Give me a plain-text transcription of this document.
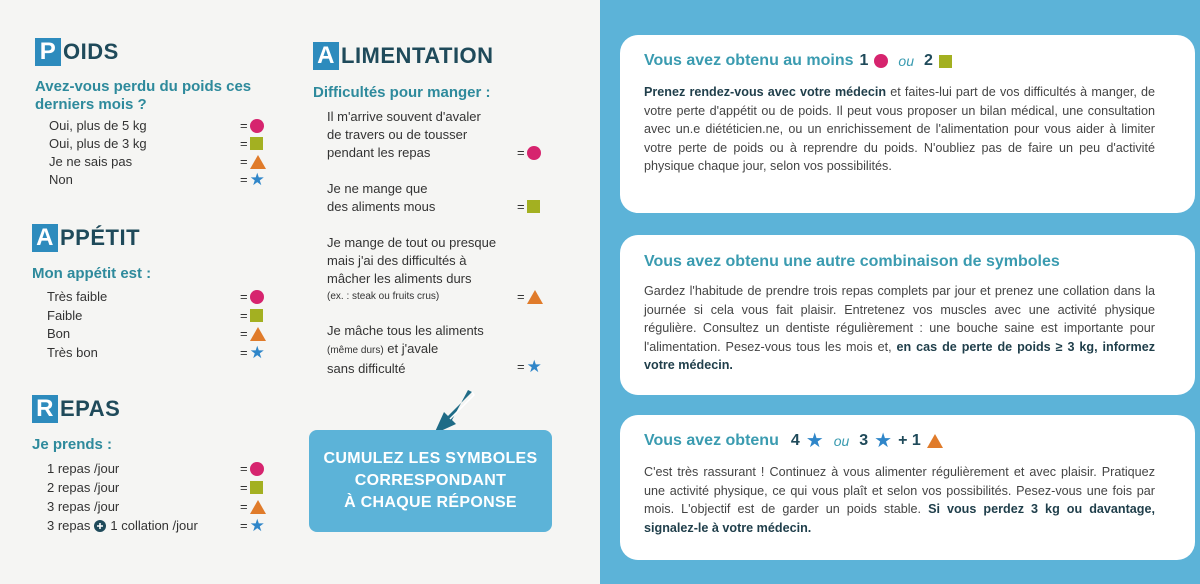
P OIDS
Avez-vous perdu du poids ces derniers mois ?
Oui, plus de 5 kg	=
Oui, plus de 3 kg	=
Je ne sais pas	=
Non	= ★
A PPÉTIT
Mon appétit est :
Très faible	=
Faible	=
Bon	=
Très bon	= ★
R EPAS
Je prends :
1 repas /jour	=
2 repas /jour	=
3 repas /jour	=
3 repas 1 collation /jour	= ★
A LIMENTATION
Difficultés pour manger :
Il m'arrive souvent d'avaler
de travers ou de tousser
pendant les repas	=
Je ne mange que
des aliments mous	=
Je mange de tout ou presque
mais j'ai des difficultés à
mâcher les aliments durs
(ex. : steak ou fruits crus)	=
Je mâche tous les aliments
(même durs) et j'avale
sans difficulté	= ★
CUMULEZ LES SYMBOLES
CORRESPONDANT
À CHAQUE RÉPONSE
Vous avez obtenu au moins 1 ou 2
Prenez rendez-vous avec votre médecin et faites-lui part de vos difficultés à manger, de votre perte d'appétit ou de poids. Il peut vous proposer un bilan médical, une consultation avec un.e diététicien.ne, ou un enrichissement de l'alimentation pour vous aider à limiter votre perte de poids ou à reprendre du poids. N'oubliez pas de faire un peu d'activité physique chaque jour, selon vos possibilités.
Vous avez obtenu une autre combinaison de symboles
Gardez l'habitude de prendre trois repas complets par jour et prenez une collation dans la journée si cela vous fait plaisir. Entretenez vos muscles avec une activité physique régulière. Consultez un dentiste régulièrement : une bouche saine est importante pour l'alimentation. Pesez-vous tous les mois et, en cas de perte de poids ≥ 3 kg, informez votre médecin.
Vous avez obtenu 4 ★ ou 3 ★ + 1
C'est très rassurant ! Continuez à vous alimenter régulièrement et avec plaisir. Pratiquez une activité physique, ce qui vous plaît et selon vos possibilités. Pesez-vous une fois par mois. L'objectif est de garder un poids stable. Si vous perdez 3 kg ou davantage, signalez-le à votre médecin.
